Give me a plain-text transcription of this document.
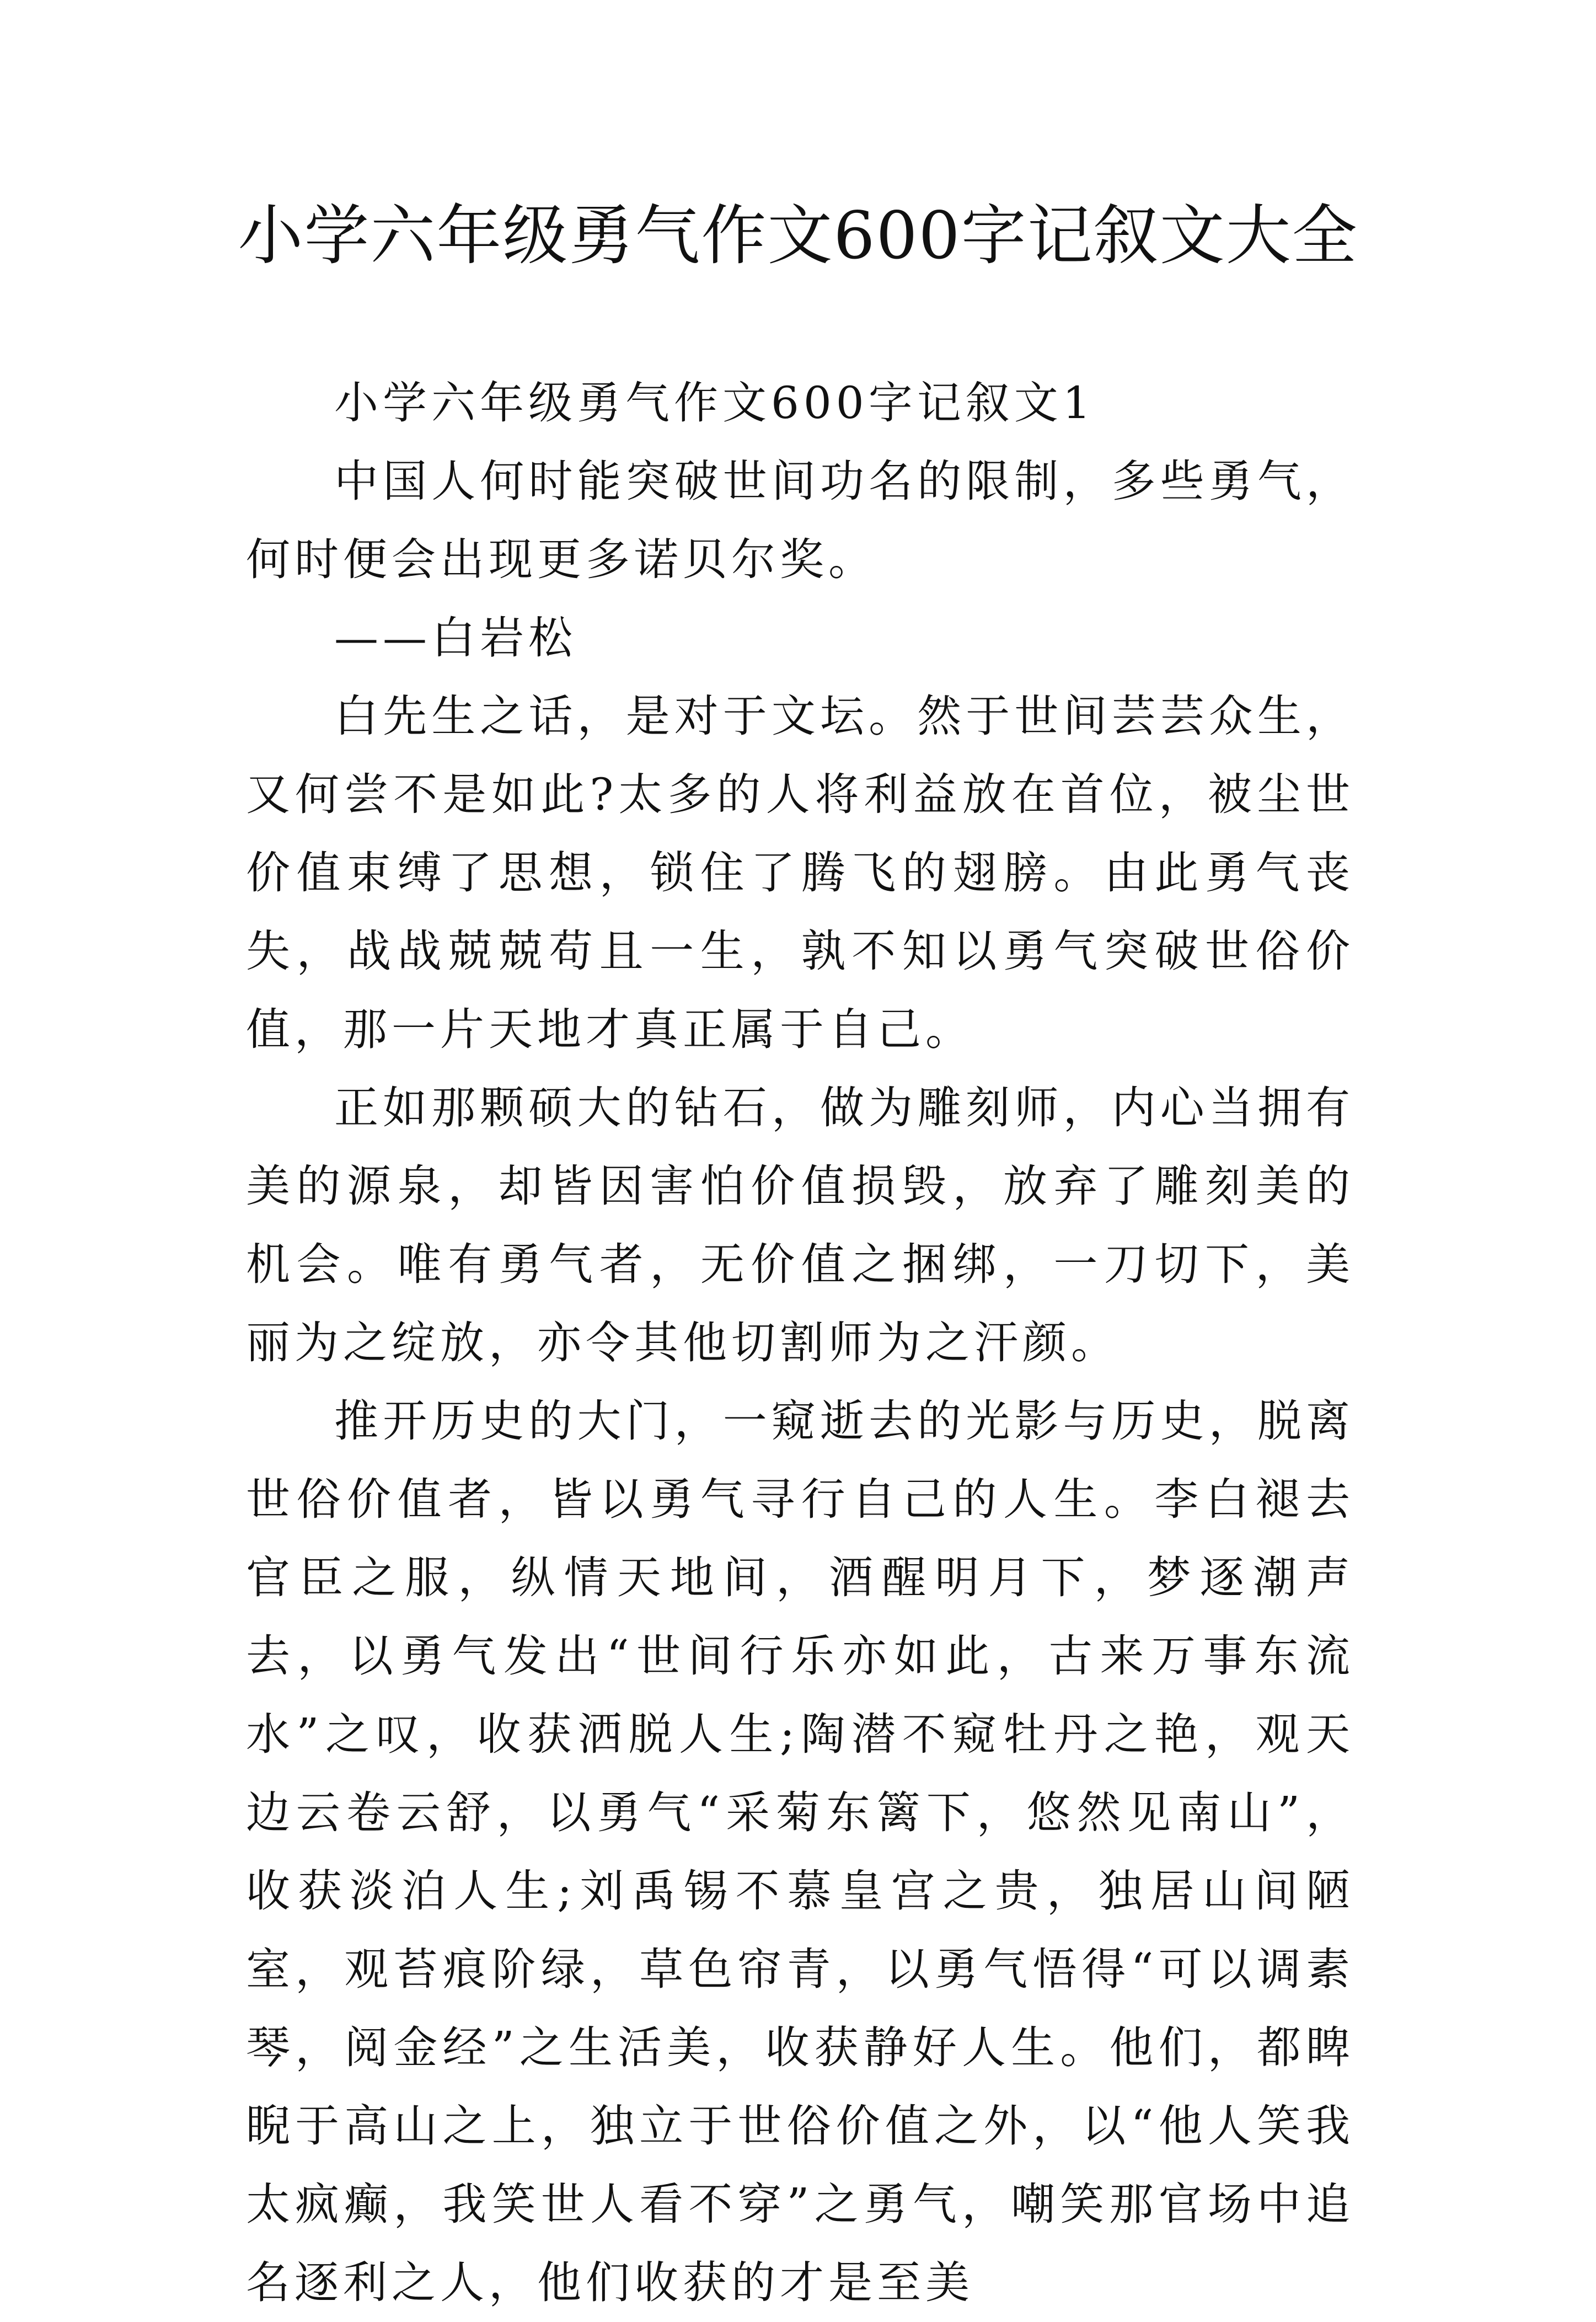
小学六年级勇气作文600字记叙文大全

小学六年级勇气作文600字记叙文1

中国人何时能突破世间功名的限制，多些勇气，何时便会出现更多诺贝尔奖。

——白岩松

白先生之话，是对于文坛。然于世间芸芸众生，又何尝不是如此?太多的人将利益放在首位，被尘世价值束缚了思想，锁住了腾飞的翅膀。由此勇气丧失，战战兢兢苟且一生，孰不知以勇气突破世俗价值，那一片天地才真正属于自己。

正如那颗硕大的钻石，做为雕刻师，内心当拥有美的源泉，却皆因害怕价值损毁，放弃了雕刻美的机会。唯有勇气者，无价值之捆绑，一刀切下，美丽为之绽放，亦令其他切割师为之汗颜。

推开历史的大门，一窥逝去的光影与历史，脱离世俗价值者，皆以勇气寻行自己的人生。李白褪去官臣之服，纵情天地间，酒醒明月下，梦逐潮声去，以勇气发出“世间行乐亦如此，古来万事东流水”之叹，收获洒脱人生;陶潜不窥牡丹之艳，观天边云卷云舒，以勇气“采菊东篱下，悠然见南山”，收获淡泊人生;刘禹锡不慕皇宫之贵，独居山间陋室，观苔痕阶绿，草色帘青，以勇气悟得“可以调素琴，阅金经”之生活美，收获静好人生。他们，都睥睨于高山之上，独立于世俗价值之外，以“他人笑我太疯癫，我笑世人看不穿”之勇气，嘲笑那官场中追名逐利之人，他们收获的才是至美
